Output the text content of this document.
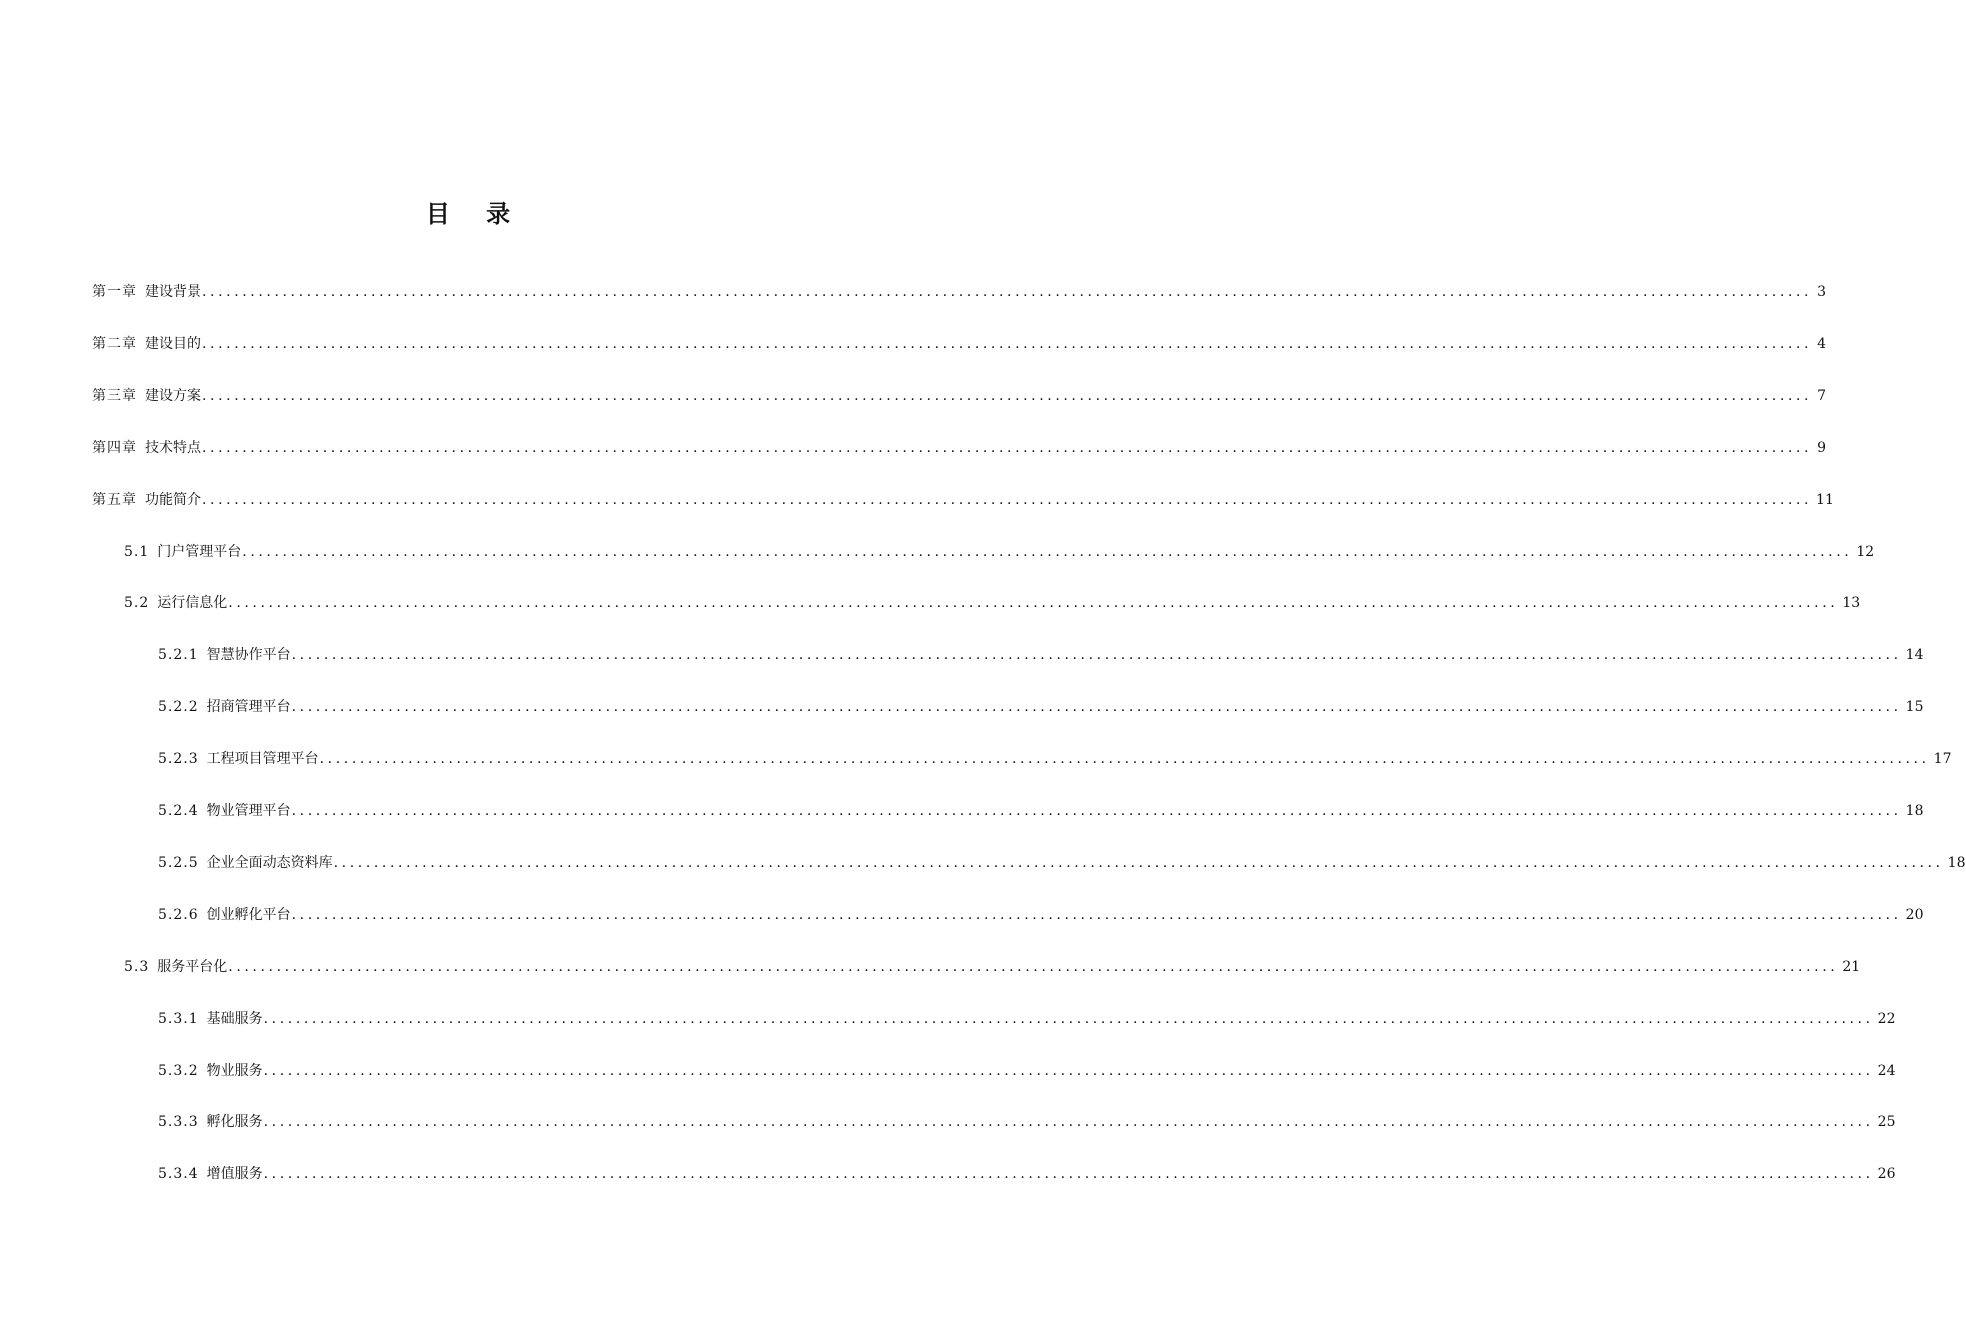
目 录
第一章 建设背景 ........................................................................................................................................................................................................ 3
第二章 建设目的 ........................................................................................................................................................................................................ 4
第三章 建设方案 ........................................................................................................................................................................................................ 7
第四章 技术特点 ........................................................................................................................................................................................................ 9
第五章 功能简介 ........................................................................................................................................................................................................ 11
5.1 门户管理平台 ........................................................................................................................................................................................................ 12
5.2 运行信息化 ........................................................................................................................................................................................................ 13
5.2.1 智慧协作平台 ........................................................................................................................................................................................................ 14
5.2.2 招商管理平台 ........................................................................................................................................................................................................ 15
5.2.3 工程项目管理平台 ........................................................................................................................................................................................................ 17
5.2.4 物业管理平台 ........................................................................................................................................................................................................ 18
5.2.5 企业全面动态资料库 ........................................................................................................................................................................................................ 18
5.2.6 创业孵化平台 ........................................................................................................................................................................................................ 20
5.3 服务平台化 ........................................................................................................................................................................................................ 21
5.3.1 基础服务 ........................................................................................................................................................................................................ 22
5.3.2 物业服务 ........................................................................................................................................................................................................ 24
5.3.3 孵化服务 ........................................................................................................................................................................................................ 25
5.3.4 增值服务 ........................................................................................................................................................................................................ 26
